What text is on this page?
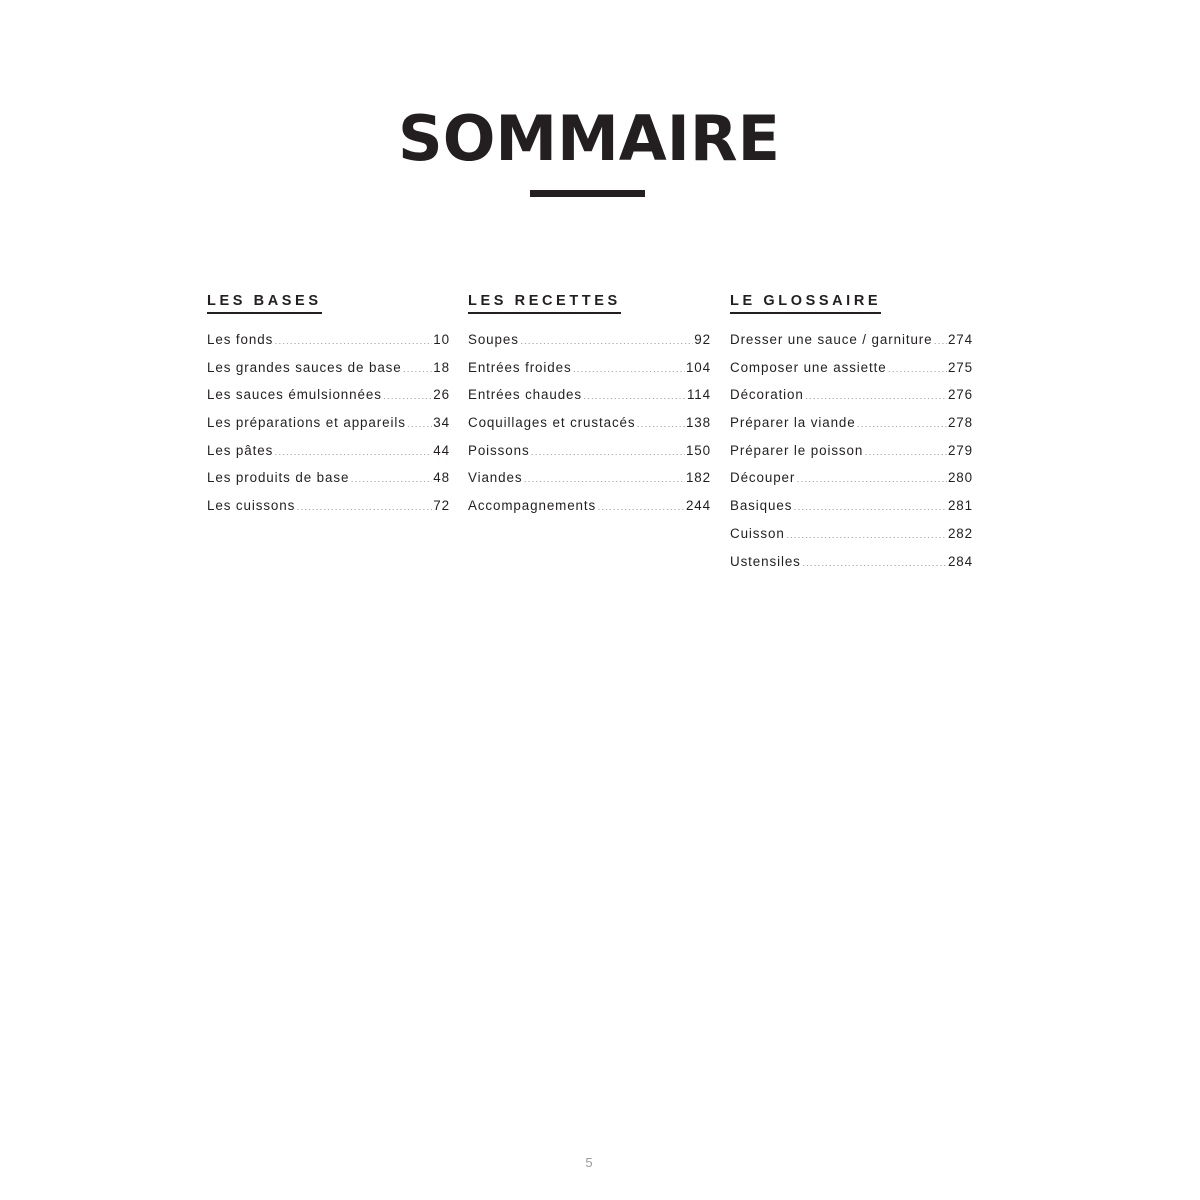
SOMMAIRE
LES BASES
Les fonds .....	10
Les grandes sauces de base ..... 18
Les sauces émulsionnées .....	26
Les préparations et appareils ..... 34
Les pâtes .....	44
Les produits de base .....	48
Les cuissons .....	72
LES RECETTES
Soupes .....	92
Entrées froides .....	104
Entrées chaudes .....	114
Coquillages et crustacés .....	138
Poissons .....	150
Viandes .....	182
Accompagnements .....	244
LE GLOSSAIRE
Dresser une sauce / garniture ..... 274
Composer une assiette .....	275
Décoration .....	276
Préparer la viande .....	278
Préparer le poisson .....	279
Découper .....	280
Basiques .....	281
Cuisson .....	282
Ustensiles .....	284
5
